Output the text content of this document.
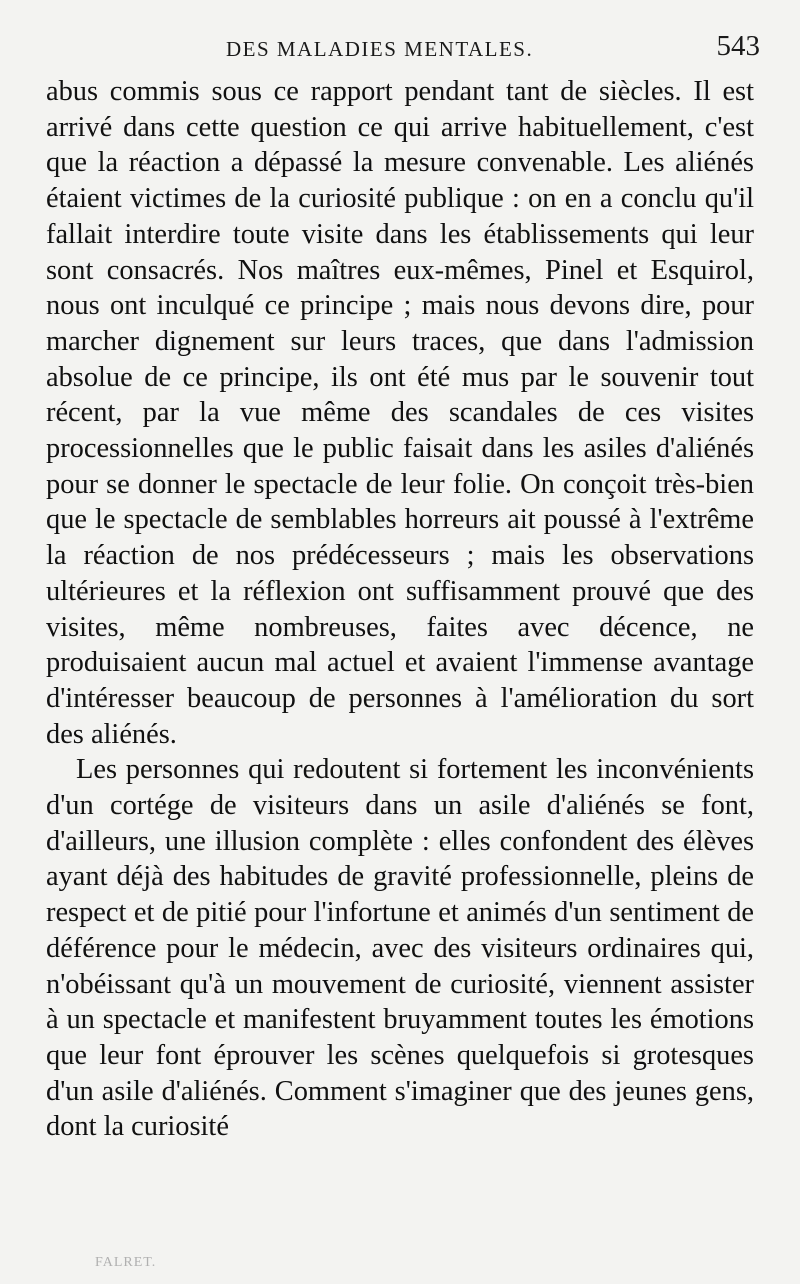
DES MALADIES MENTALES.	543

abus commis sous ce rapport pendant tant de siècles. Il est arrivé dans cette question ce qui arrive habituellement, c'est que la réaction a dépassé la mesure convenable. Les aliénés étaient victimes de la curiosité publique : on en a conclu qu'il fallait interdire toute visite dans les établissements qui leur sont consacrés. Nos maîtres eux-mêmes, Pinel et Esquirol, nous ont inculqué ce principe ; mais nous devons dire, pour marcher dignement sur leurs traces, que dans l'admission absolue de ce principe, ils ont été mus par le souvenir tout récent, par la vue même des scandales de ces visites processionnelles que le public faisait dans les asiles d'aliénés pour se donner le spectacle de leur folie. On conçoit très-bien que le spectacle de semblables horreurs ait poussé à l'extrême la réaction de nos prédécesseurs ; mais les observations ultérieures et la réflexion ont suffisamment prouvé que des visites, même nombreuses, faites avec décence, ne produisaient aucun mal actuel et avaient l'immense avantage d'intéresser beaucoup de personnes à l'amélioration du sort des aliénés.

Les personnes qui redoutent si fortement les inconvénients d'un cortége de visiteurs dans un asile d'aliénés se font, d'ailleurs, une illusion complète : elles confondent des élèves ayant déjà des habitudes de gravité professionnelle, pleins de respect et de pitié pour l'infortune et animés d'un sentiment de déférence pour le médecin, avec des visiteurs ordinaires qui, n'obéissant qu'à un mouvement de curiosité, viennent assister à un spectacle et manifestent bruyamment toutes les émotions que leur font éprouver les scènes quelquefois si grotesques d'un asile d'aliénés. Comment s'imaginer que des jeunes gens, dont la curiosité

FALRET.
